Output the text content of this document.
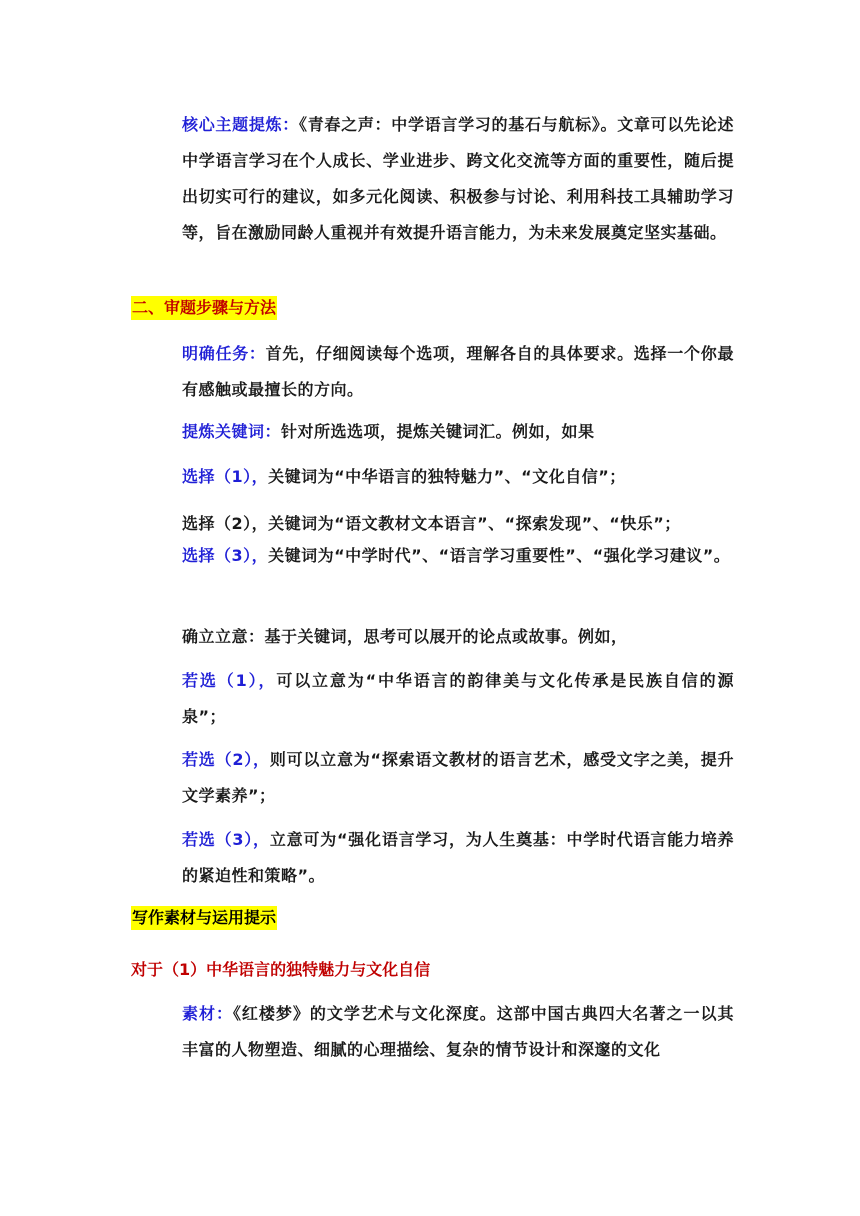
核心主题提炼：《青春之声：中学语言学习的基石与航标》。文章可以先论述中学语言学习在个人成长、学业进步、跨文化交流等方面的重要性，随后提出切实可行的建议，如多元化阅读、积极参与讨论、利用科技工具辅助学习等，旨在激励同龄人重视并有效提升语言能力，为未来发展奠定坚实基础。
二、审题步骤与方法
明确任务：首先，仔细阅读每个选项，理解各自的具体要求。选择一个你最有感触或最擅长的方向。
提炼关键词：针对所选选项，提炼关键词汇。例如，如果
选择（1），关键词为“中华语言的独特魅力”、“文化自信”；
选择（2），关键词为“语文教材文本语言”、“探索发现”、“快乐”；
选择（3），关键词为“中学时代”、“语言学习重要性”、“强化学习建议”。
确立立意：基于关键词，思考可以展开的论点或故事。例如，
若选（1），可以立意为“中华语言的韵律美与文化传承是民族自信的源泉”；
若选（2），则可以立意为“探索语文教材的语言艺术，感受文字之美，提升文学素养”；
若选（3），立意可为“强化语言学习，为人生奠基：中学时代语言能力培养的紧迫性和策略”。
写作素材与运用提示
对于（1）中华语言的独特魅力与文化自信
素材：《红楼梦》的文学艺术与文化深度。这部中国古典四大名著之一以其丰富的人物塑造、细腻的心理描绘、复杂的情节设计和深邃的文化
